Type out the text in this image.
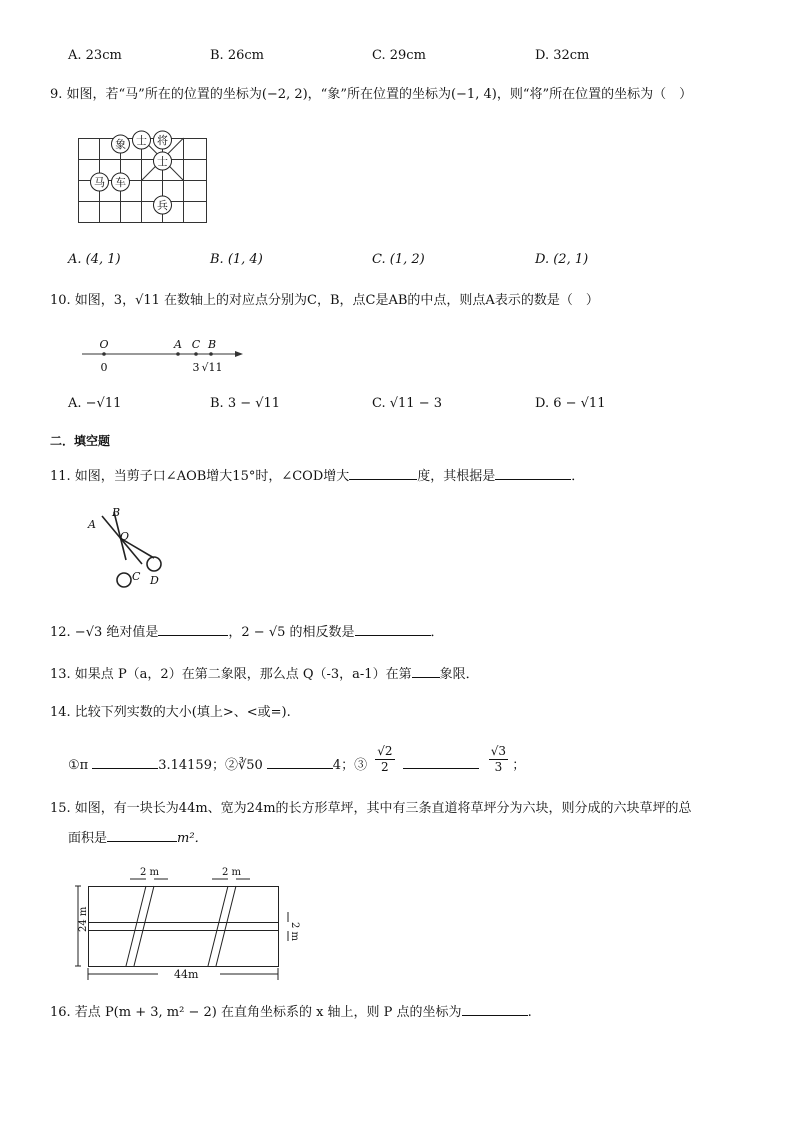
A. 23cm	B. 26cm	C. 29cm	D. 32cm
9. 如图，若“马”所在的位置的坐标为(−2, 2)，“象”所在位置的坐标为(−1, 4)，则“将”所在位置的坐标为（　）
象 士 将
士
马 车
兵
A. (4, 1)	B. (1, 4)	C. (1, 2)	D. (2, 1)
10. 如图，3，√11 在数轴上的对应点分别为C，B，点C是AB的中点，则点A表示的数是（　）
O	A C B
0	3 √11
A. −√11	B. 3 − √11	C. √11 − 3	D. 6 − √11
二．填空题
11. 如图，当剪子口∠AOB增大15°时，∠COD增大	度，其根据是	．
A
B
O
C D
12. −√3 绝对值是	，2 − √5 的相反数是	．
13. 如果点 P（a，2）在第二象限，那么点 Q（-3，a-1）在第 象限．
14. 比较下列实数的大小(填上>、<或=).
①π	3.14159；②∛50	4；③ $\frac{√2}{2}$
	$\frac{√3}{3}$ ；
15. 如图，有一块长为44m、宽为24m的长方形草坪，其中有三条直道将草坪分为六块，则分成的六块草坪的总
面积是	m²．
2 m	2 m
24 m	2 m
44m
16. 若点 P(m + 3, m² − 2) 在直角坐标系的 x 轴上，则 P 点的坐标为	.
